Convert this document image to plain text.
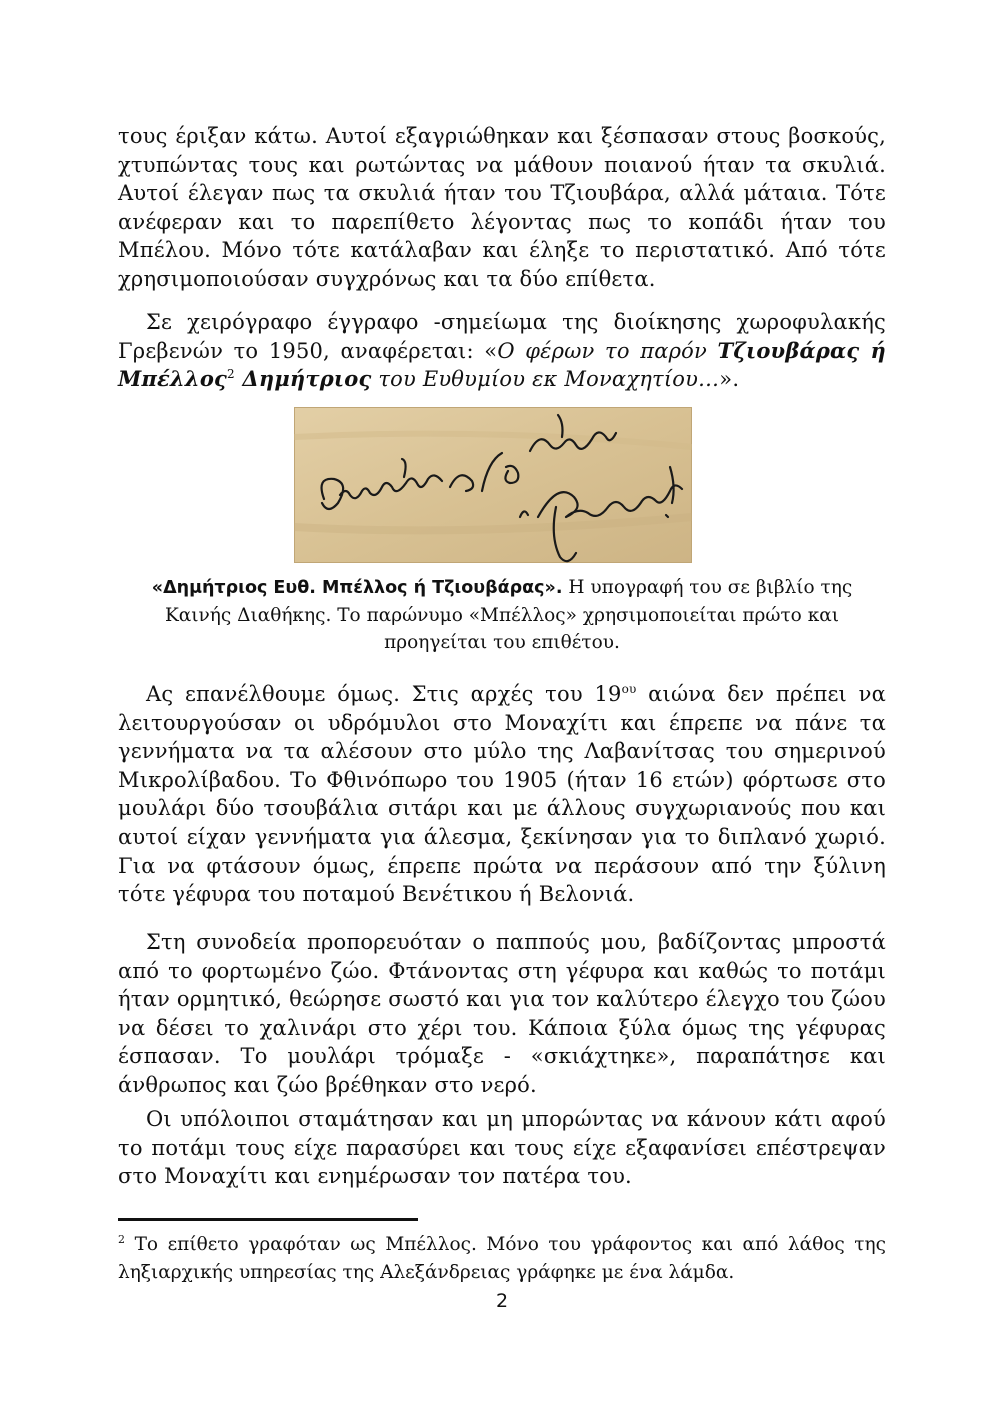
τους έριξαν κάτω. Αυτοί εξαγριώθηκαν και ξέσπασαν στους βοσκούς, χτυπώντας τους και ρωτώντας να μάθουν ποιανού ήταν τα σκυλιά. Αυτοί έλεγαν πως τα σκυλιά ήταν του Τζιουβάρα, αλλά μάταια. Τότε ανέφεραν και το παρεπίθετο λέγοντας πως το κοπάδι ήταν του Μπέλου. Μόνο τότε κατάλαβαν και έληξε το περιστατικό. Από τότε χρησιμοποιούσαν συγχρόνως και τα δύο επίθετα.

Σε χειρόγραφο έγγραφο -σημείωμα της διοίκησης χωροφυλακής Γρεβενών το 1950, αναφέρεται: «Ο φέρων το παρόν Τζιουβάρας ή Μπέλλος$^2$ Δημήτριος του Ευθυμίου εκ Μοναχητίου…».

«Δημήτριος Ευθ. Μπέλλος ή Τζιουβάρας». Η υπογραφή του σε βιβλίο της Καινής Διαθήκης. Το παρώνυμο «Μπέλλος» χρησιμοποιείται πρώτο και προηγείται του επιθέτου.

Ας επανέλθουμε όμως. Στις αρχές του $19^{o\upsilon}$ αιώνα δεν πρέπει να λειτουργούσαν οι υδρόμυλοι στο Μοναχίτι και έπρεπε να πάνε τα γεννήματα να τα αλέσουν στο μύλο της Λαβανίτσας του σημερινού Μικρολίβαδου. Το Φθινόπωρο του 1905 (ήταν 16 ετών) φόρτωσε στο μουλάρι δύο τσουβάλια σιτάρι και με άλλους συγχωριανούς που και αυτοί είχαν γεννήματα για άλεσμα, ξεκίνησαν για το διπλανό χωριό. Για να φτάσουν όμως, έπρεπε πρώτα να περάσουν από την ξύλινη τότε γέφυρα του ποταμού Βενέτικου ή Βελονιά.

Στη συνοδεία προπορευόταν ο παππούς μου, βαδίζοντας μπροστά από το φορτωμένο ζώο. Φτάνοντας στη γέφυρα και καθώς το ποτάμι ήταν ορμητικό, θεώρησε σωστό και για τον καλύτερο έλεγχο του ζώου να δέσει το χαλινάρι στο χέρι του. Κάποια ξύλα όμως της γέφυρας έσπασαν. Το μουλάρι τρόμαξε - «σκιάχτηκε», παραπάτησε και άνθρωπος και ζώο βρέθηκαν στο νερό.

Οι υπόλοιποι σταμάτησαν και μη μπορώντας να κάνουν κάτι αφού το ποτάμι τους είχε παρασύρει και τους είχε εξαφανίσει επέστρεψαν στο Μοναχίτι και ενημέρωσαν τον πατέρα του.

$^2$ Το επίθετο γραφόταν ως Μπέλλος. Μόνο του γράφοντος και από λάθος της ληξιαρχικής υπηρεσίας της Αλεξάνδρειας γράφηκε με ένα λάμδα.

2
